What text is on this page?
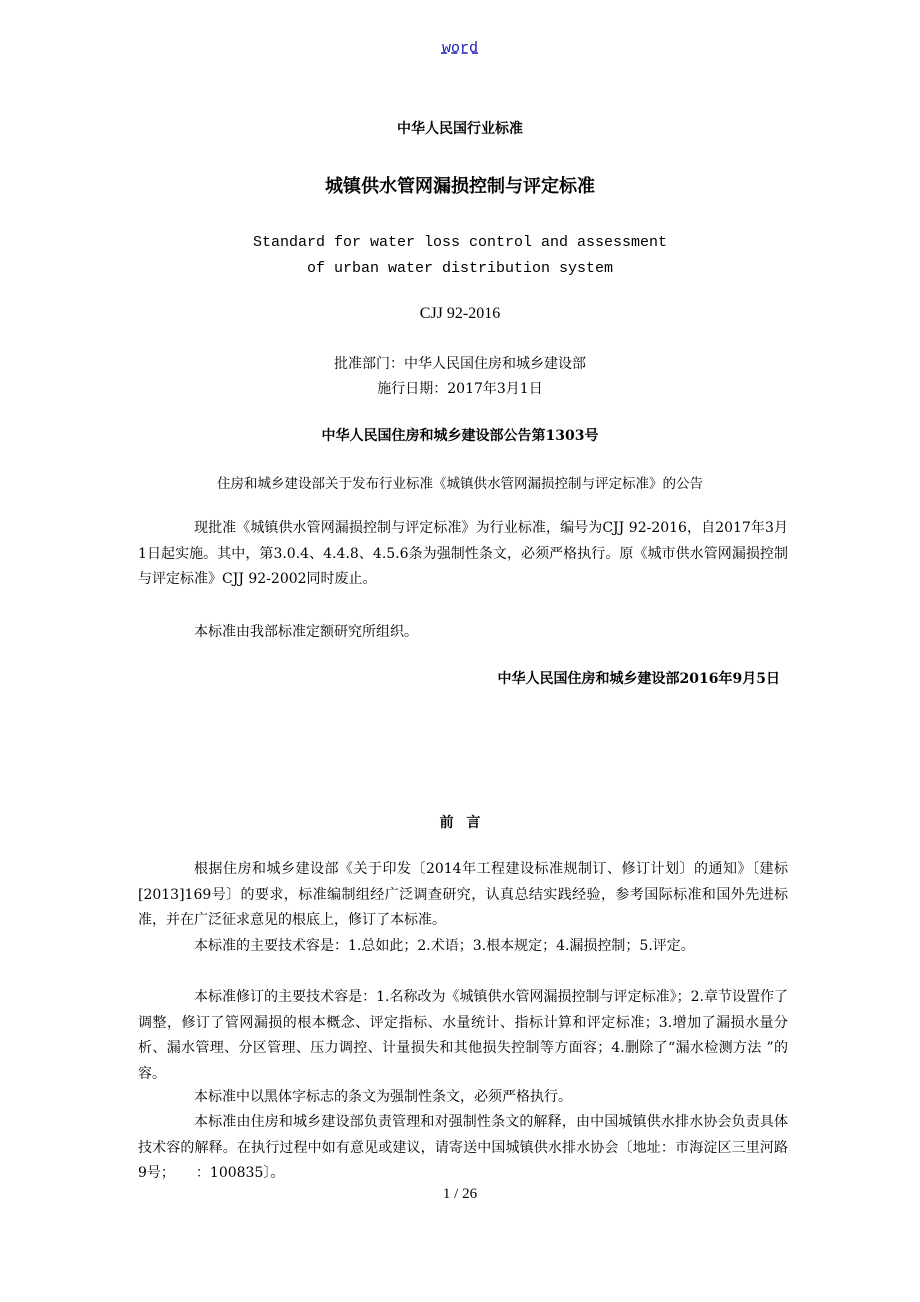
word
中华人民国行业标准
城镇供水管网漏损控制与评定标准
Standard for water loss control and assessment
of urban water distribution system
CJJ 92-2016
批准部门：中华人民国住房和城乡建设部
施行日期：2017年3月1日
中华人民国住房和城乡建设部公告第1303号
住房和城乡建设部关于发布行业标准《城镇供水管网漏损控制与评定标准》的公告

现批准《城镇供水管网漏损控制与评定标准》为行业标准，编号为CJJ 92-2016，自2017年3月1日起实施。其中，第3.0.4、4.4.8、4.5.6条为强制性条文，必须严格执行。原《城市供水管网漏损控制与评定标准》CJJ 92-2002同时废止。

本标准由我部标准定额研究所组织。

中华人民国住房和城乡建设部2016年9月5日
前 言

根据住房和城乡建设部《关于印发〔2014年工程建设标准规制订、修订计划〕的通知》〔建标[2013]169号〕的要求，标准编制组经广泛调查研究，认真总结实践经验，参考国际标准和国外先进标准，并在广泛征求意见的根底上，修订了本标准。

本标准的主要技术容是：1.总如此；2.术语；3.根本规定；4.漏损控制；5.评定。

本标准修订的主要技术容是：1.名称改为《城镇供水管网漏损控制与评定标准》；2.章节设置作了调整，修订了管网漏损的根本概念、评定指标、水量统计、指标计算和评定标准；3.增加了漏损水量分析、漏水管理、分区管理、压力调控、计量损失和其他损失控制等方面容；4.删除了“漏水检测方法 ”的容。

本标准中以黑体字标志的条文为强制性条文，必须严格执行。

本标准由住房和城乡建设部负责管理和对强制性条文的解释，由中国城镇供水排水协会负责具体技术容的解释。在执行过程中如有意见或建议，请寄送中国城镇供水排水协会〔地址：市海淀区三里河路9号；　　：100835〕。

1 / 26
